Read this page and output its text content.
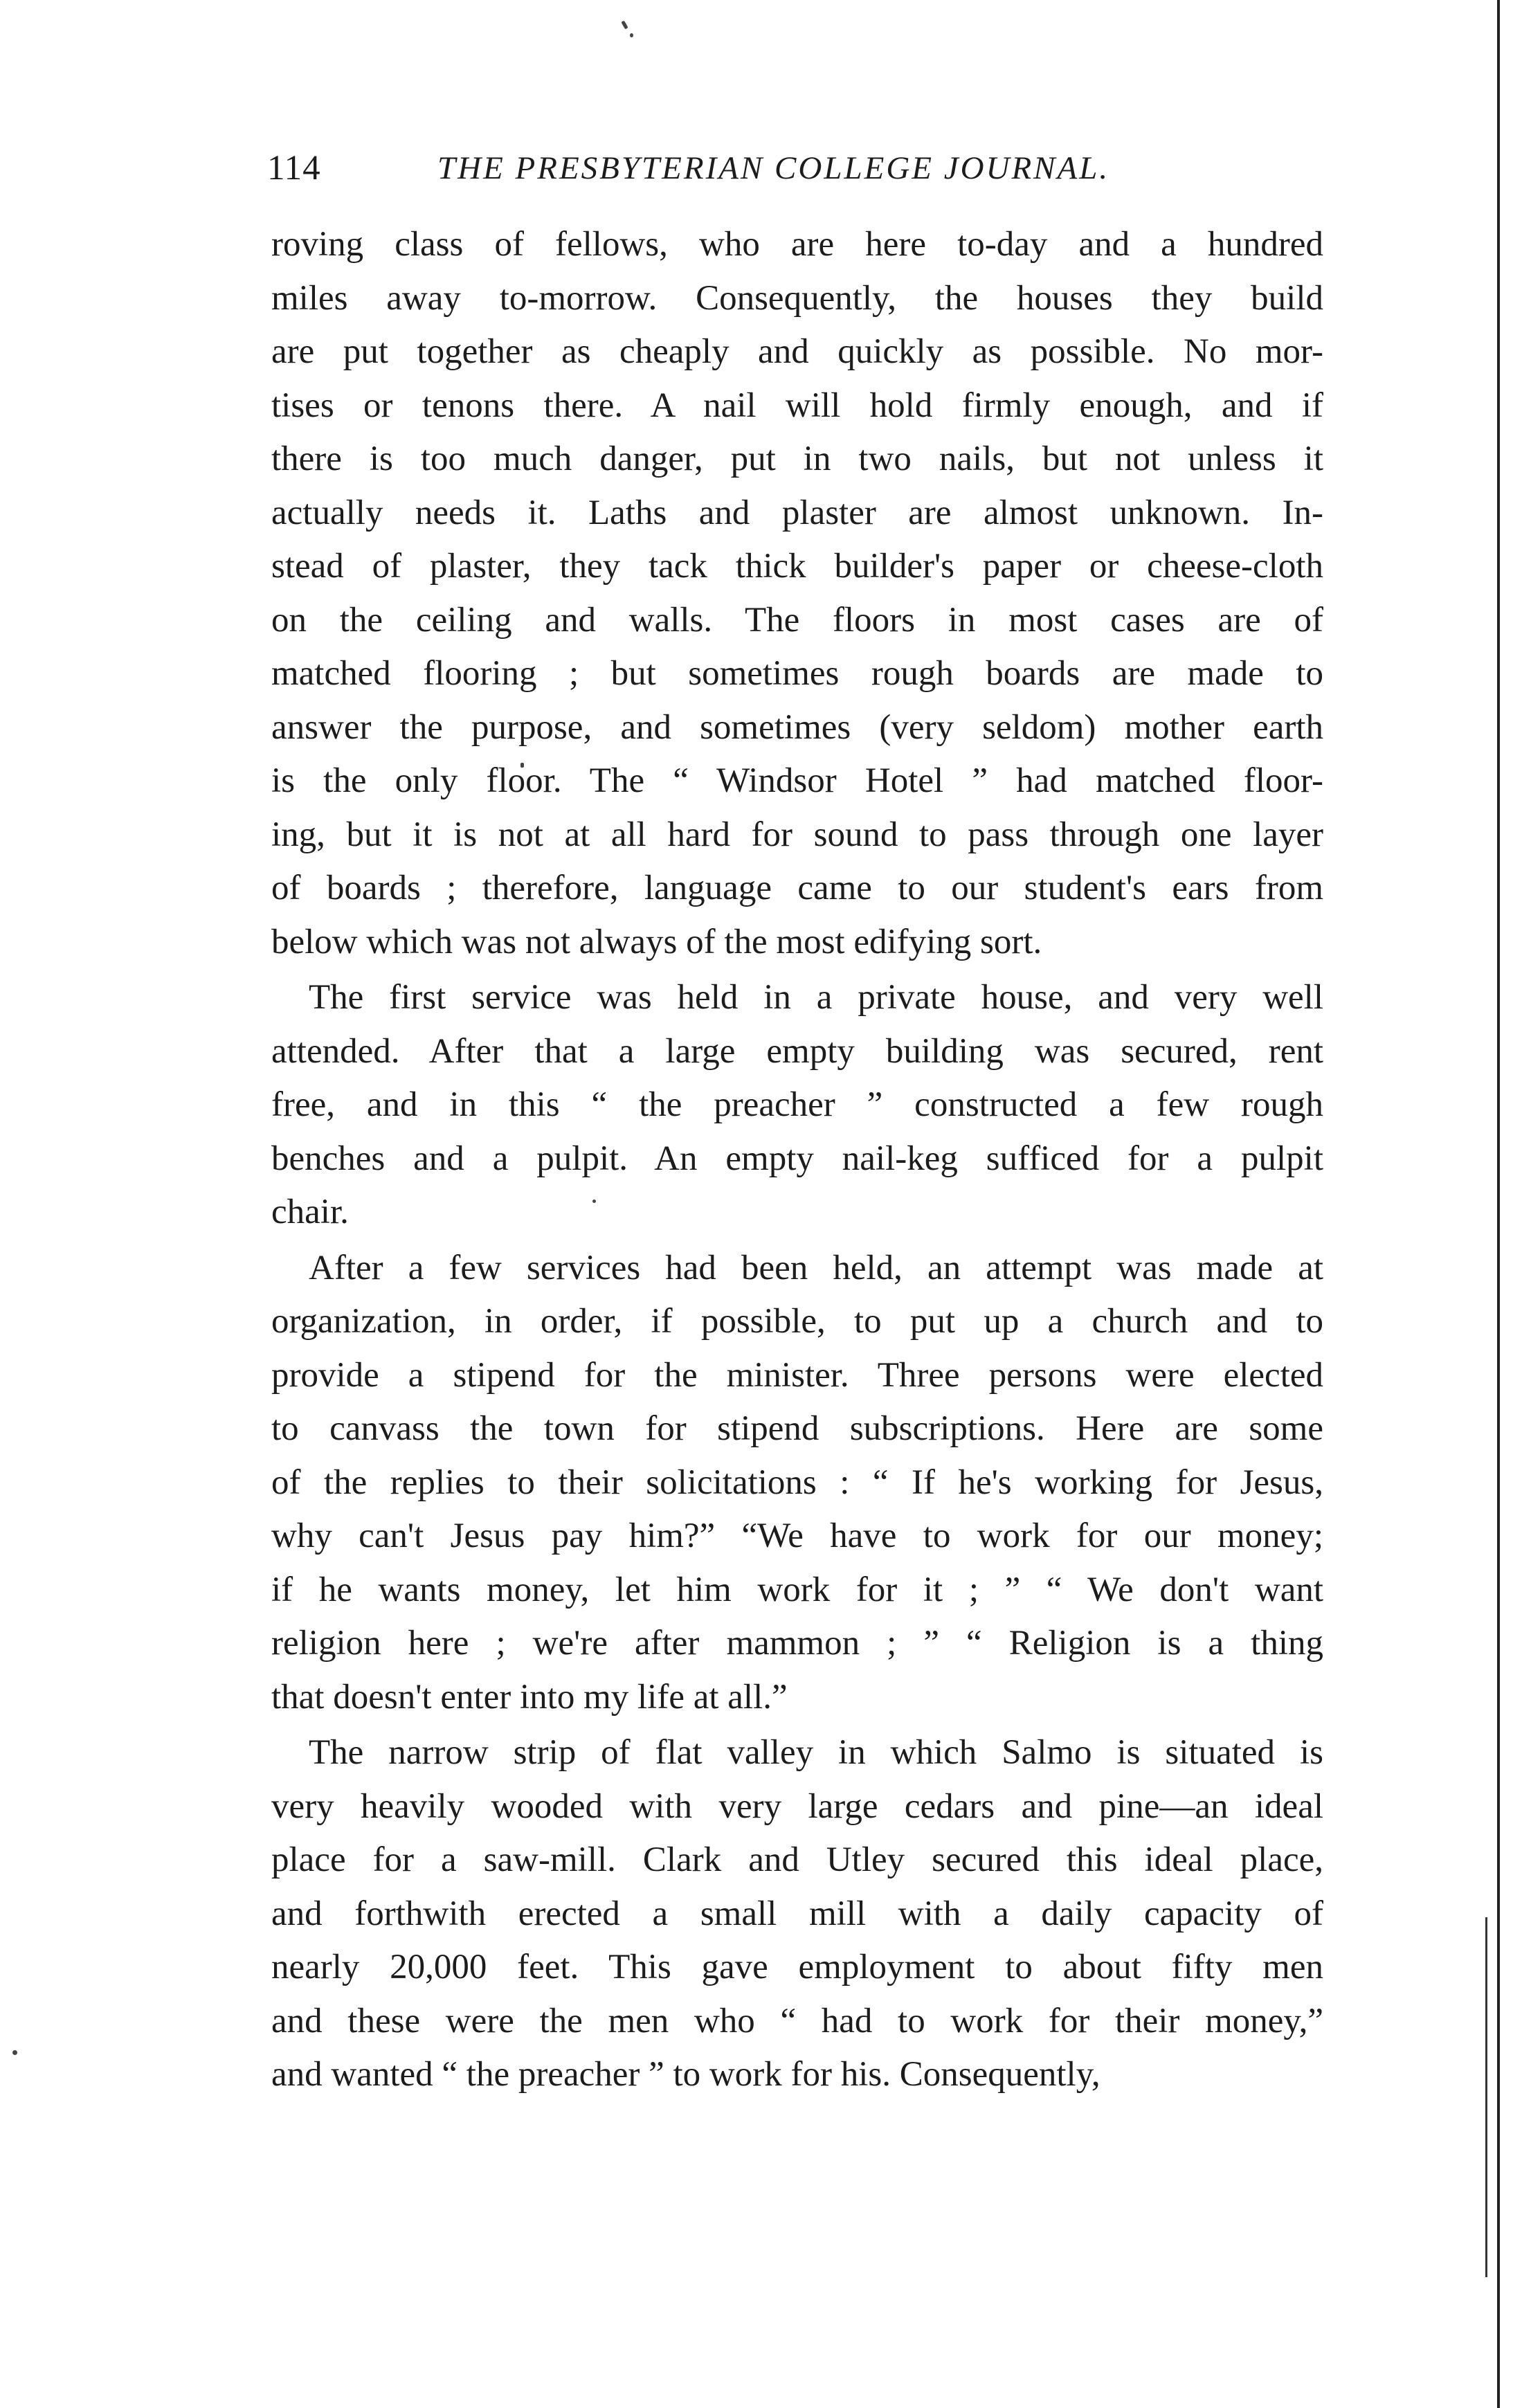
114	THE PRESBYTERIAN COLLEGE JOURNAL.
roving class of fellows, who are here to-day and a hundred
miles away to-morrow. Consequently, the houses they build
are put together as cheaply and quickly as possible. No mor-
tises or tenons there. A nail will hold firmly enough, and if
there is too much danger, put in two nails, but not unless it
actually needs it. Laths and plaster are almost unknown. In-
stead of plaster, they tack thick builder's paper or cheese-cloth
on the ceiling and walls. The floors in most cases are of
matched flooring ; but sometimes rough boards are made to
answer the purpose, and sometimes (very seldom) mother earth
is the only floor. The “ Windsor Hotel ” had matched floor-
ing, but it is not at all hard for sound to pass through one layer
of boards ; therefore, language came to our student's ears from
below which was not always of the most edifying sort.
The first service was held in a private house, and very well
attended. After that a large empty building was secured, rent
free, and in this “ the preacher ” constructed a few rough
benches and a pulpit. An empty nail-keg sufficed for a pulpit
chair.
After a few services had been held, an attempt was made at
organization, in order, if possible, to put up a church and to
provide a stipend for the minister. Three persons were elected
to canvass the town for stipend subscriptions. Here are some
of the replies to their solicitations : “ If he's working for Jesus,
why can't Jesus pay him?” “We have to work for our money;
if he wants money, let him work for it ; ” “ We don't want
religion here ; we're after mammon ; ” “ Religion is a thing
that doesn't enter into my life at all.”
The narrow strip of flat valley in which Salmo is situated is
very heavily wooded with very large cedars and pine—an ideal
place for a saw-mill. Clark and Utley secured this ideal place,
and forthwith erected a small mill with a daily capacity of
nearly 20,000 feet. This gave employment to about fifty men
and these were the men who “ had to work for their money,”
and wanted “ the preacher ” to work for his. Consequently,
